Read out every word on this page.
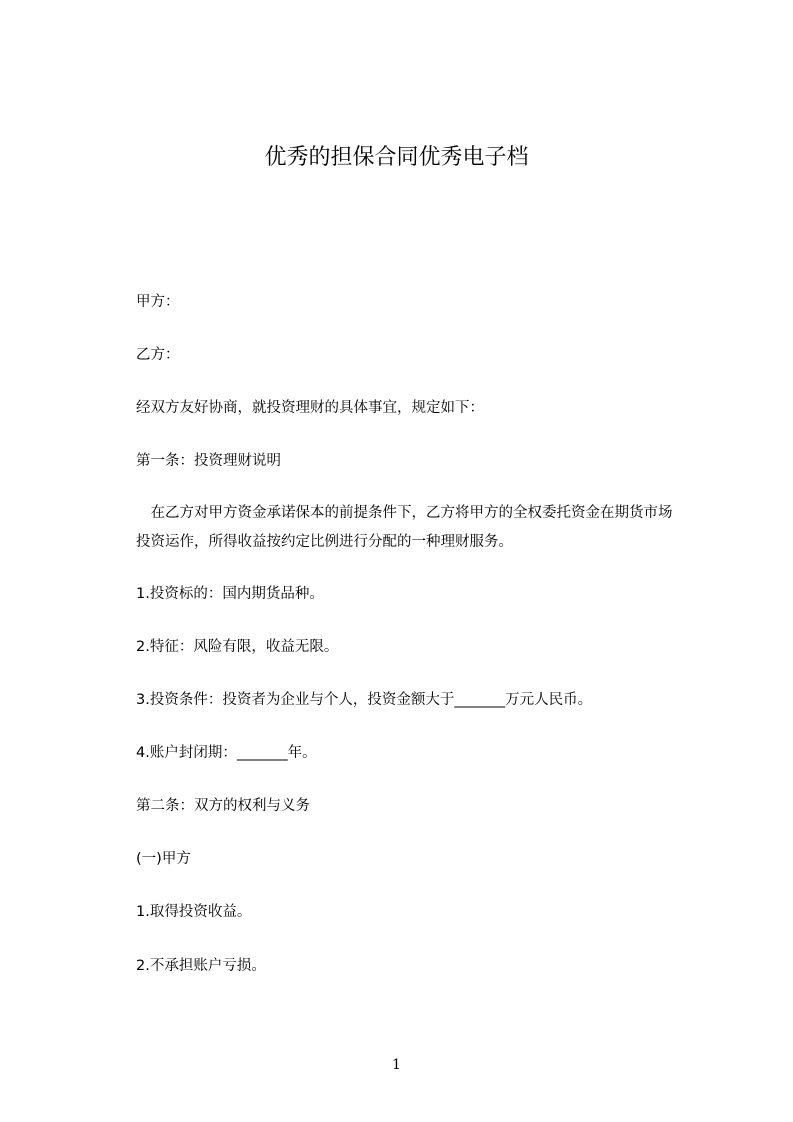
优秀的担保合同优秀电子档

甲方：

乙方：

经双方友好协商，就投资理财的具体事宜，规定如下：

第一条：投资理财说明

　在乙方对甲方资金承诺保本的前提条件下，乙方将甲方的全权委托资金在期货市场投资运作，所得收益按约定比例进行分配的一种理财服务。

1.投资标的：国内期货品种。

2.特征：风险有限，收益无限。

3.投资条件：投资者为企业与个人，投资金额大于_______万元人民币。

4.账户封闭期：_______年。

第二条：双方的权利与义务

(一)甲方

1.取得投资收益。

2.不承担账户亏损。

1
